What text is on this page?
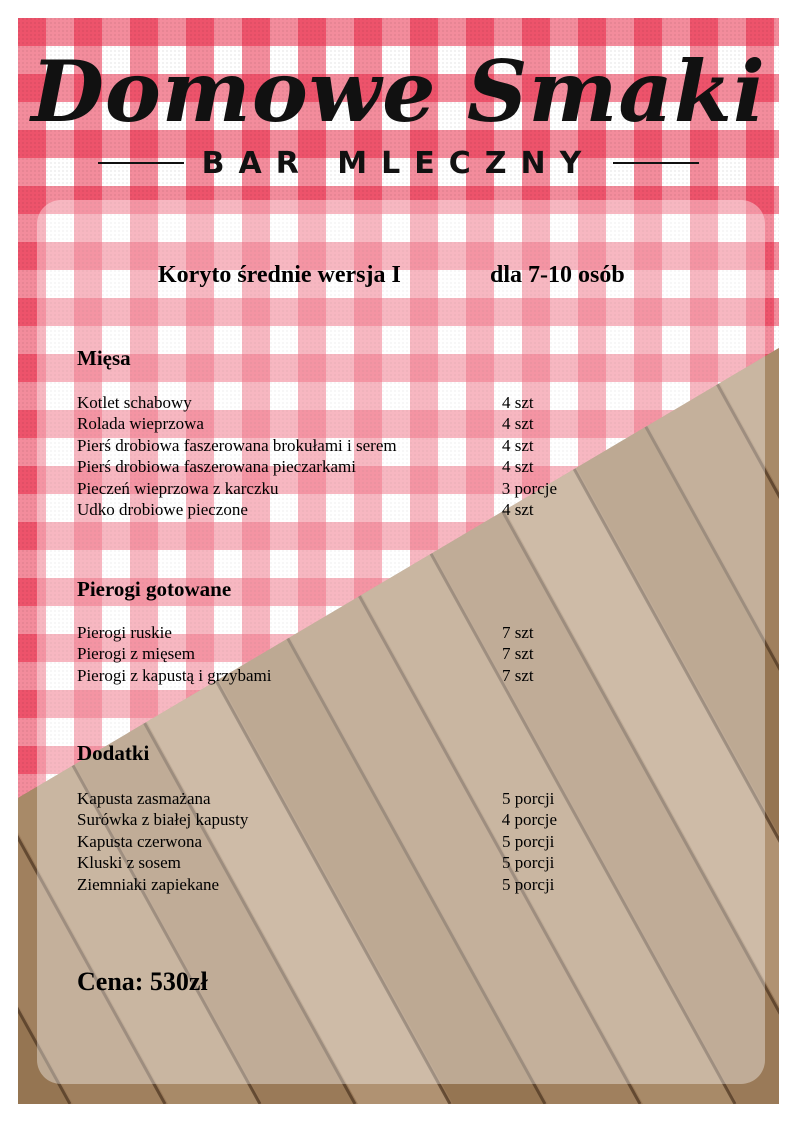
Domowe Smaki
BAR MLECZNY
Koryto średnie wersja I	dla 7-10 osób
Mięsa
Kotlet schabowy	4 szt
Rolada wieprzowa	4 szt
Pierś drobiowa faszerowana brokułami i serem	4 szt
Pierś drobiowa faszerowana pieczarkami	4 szt
Pieczeń wieprzowa z karczku	3 porcje
Udko drobiowe pieczone	4 szt
Pierogi gotowane
Pierogi ruskie	7 szt
Pierogi z mięsem	7 szt
Pierogi z kapustą i grzybami	7 szt
Dodatki
Kapusta zasmażana	5 porcji
Surówka z białej kapusty	4 porcje
Kapusta czerwona	5 porcji
Kluski z sosem	5 porcji
Ziemniaki zapiekane	5 porcji
Cena: 530zł
